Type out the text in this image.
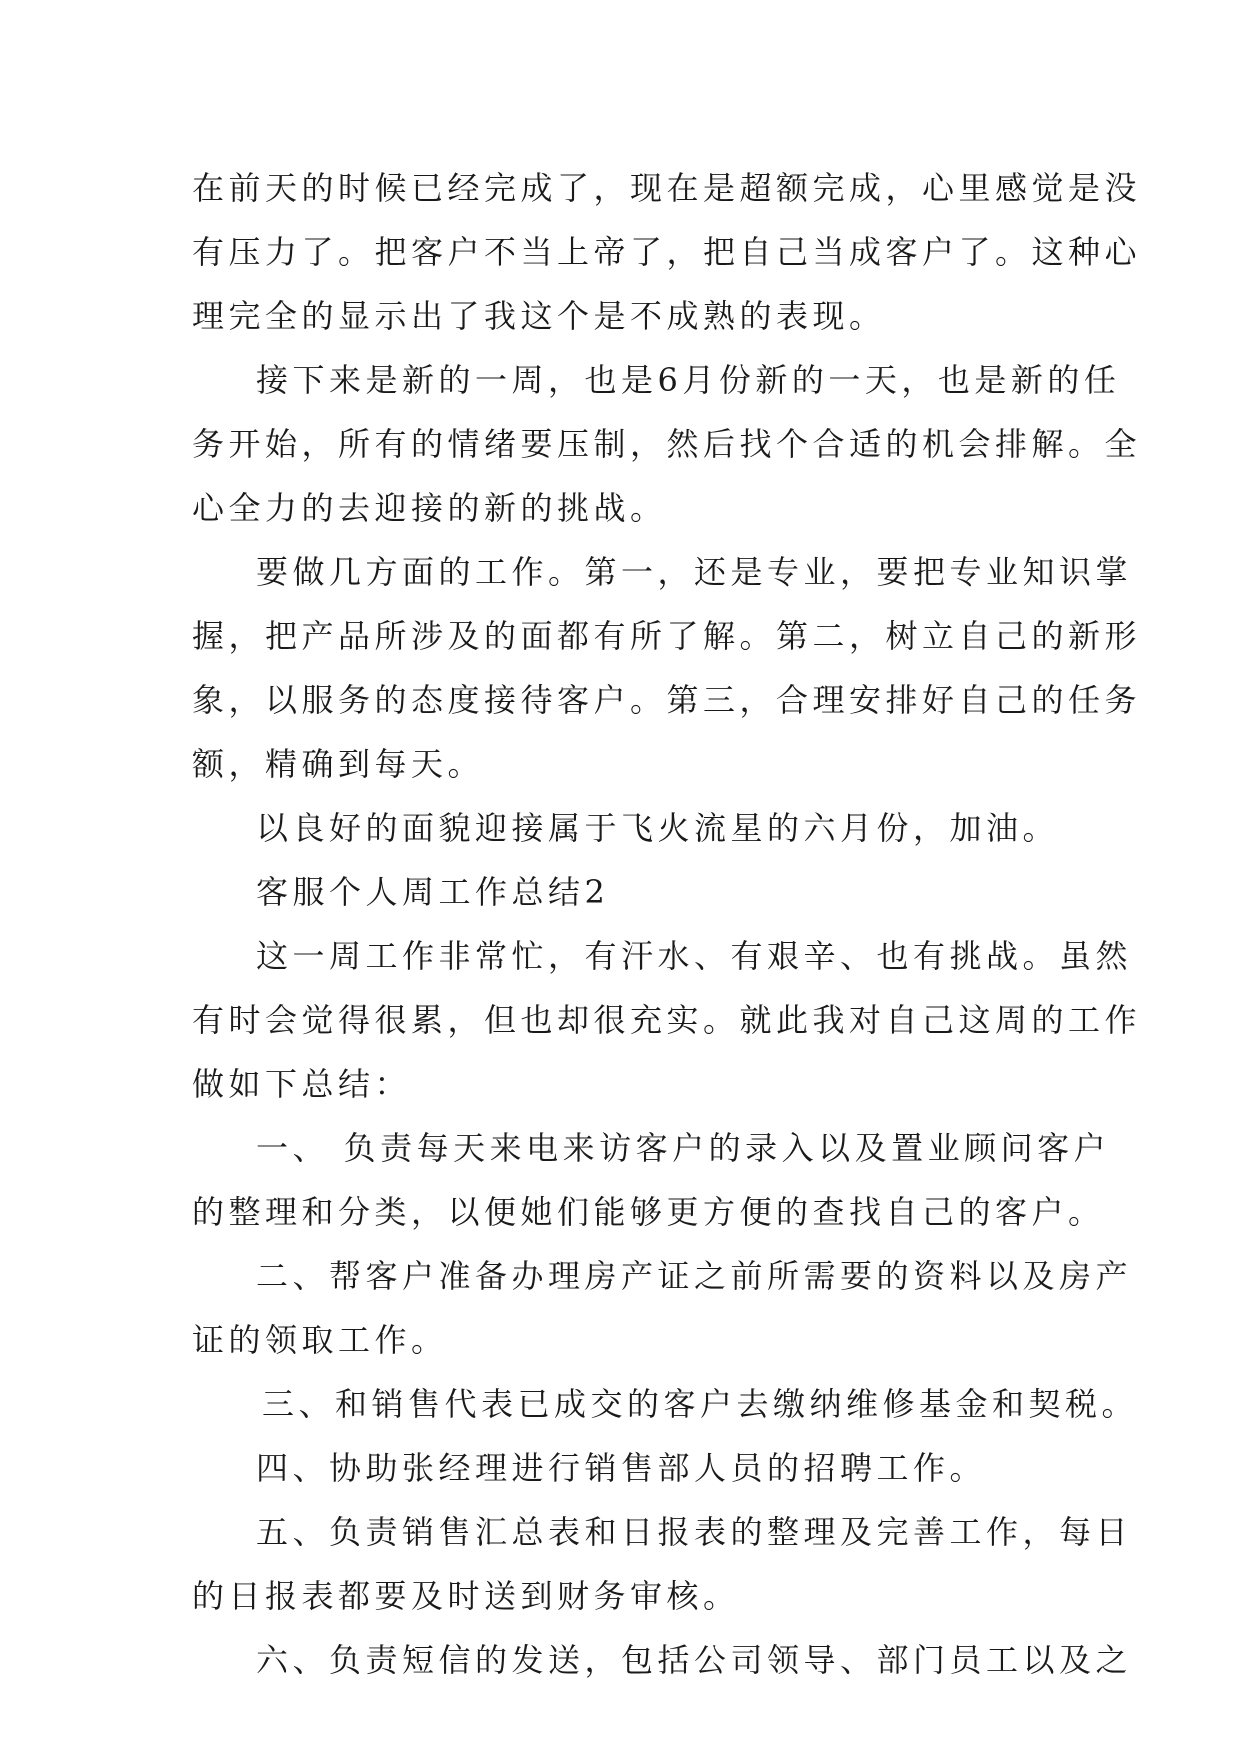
在前天的时候已经完成了，现在是超额完成，心里感觉是没

有压力了。把客户不当上帝了，把自己当成客户了。这种心

理完全的显示出了我这个是不成熟的表现。

接下来是新的一周，也是6月份新的一天，也是新的任

务开始，所有的情绪要压制，然后找个合适的机会排解。全

心全力的去迎接的新的挑战。

要做几方面的工作。第一，还是专业，要把专业知识掌

握，把产品所涉及的面都有所了解。第二，树立自己的新形

象，以服务的态度接待客户。第三，合理安排好自己的任务

额，精确到每天。

以良好的面貌迎接属于飞火流星的六月份，加油。

客服个人周工作总结2

这一周工作非常忙，有汗水、有艰辛、也有挑战。虽然

有时会觉得很累，但也却很充实。就此我对自己这周的工作

做如下总结：

一、 负责每天来电来访客户的录入以及置业顾问客户

的整理和分类，以便她们能够更方便的查找自己的客户。

二、帮客户准备办理房产证之前所需要的资料以及房产

证的领取工作。

三、和销售代表已成交的客户去缴纳维修基金和契税。

四、协助张经理进行销售部人员的招聘工作。

五、负责销售汇总表和日报表的整理及完善工作，每日

的日报表都要及时送到财务审核。

六、负责短信的发送，包括公司领导、部门员工以及之
